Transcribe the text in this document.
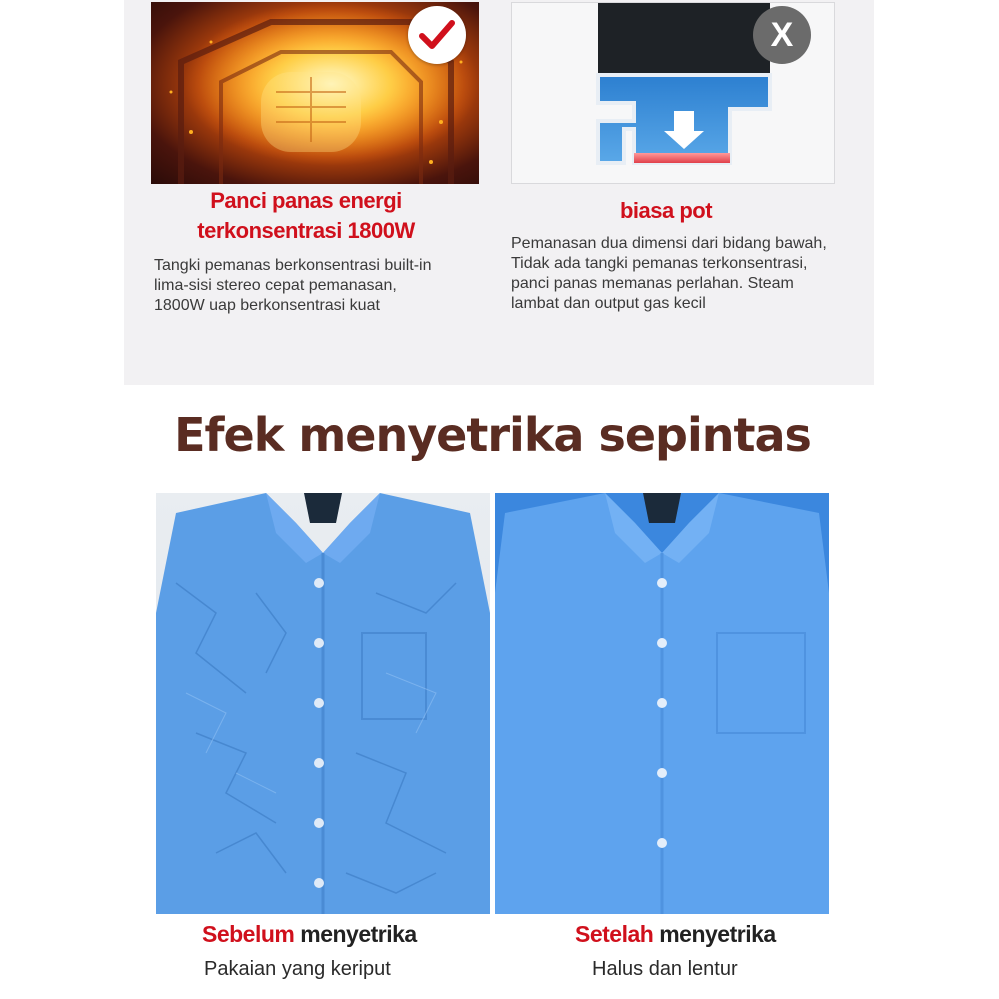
X
Panci panas energi
terkonsentrasi 1800W
Tangki pemanas berkonsentrasi built-in
lima-sisi stereo cepat pemanasan,
1800W uap berkonsentrasi kuat
biasa pot
Pemanasan dua dimensi dari bidang bawah,
Tidak ada tangki pemanas terkonsentrasi,
panci panas memanas perlahan. Steam
lambat dan output gas kecil
Efek menyetrika sepintas
Sebelum menyetrika	Setelah menyetrika
Pakaian yang keriput	Halus dan lentur
